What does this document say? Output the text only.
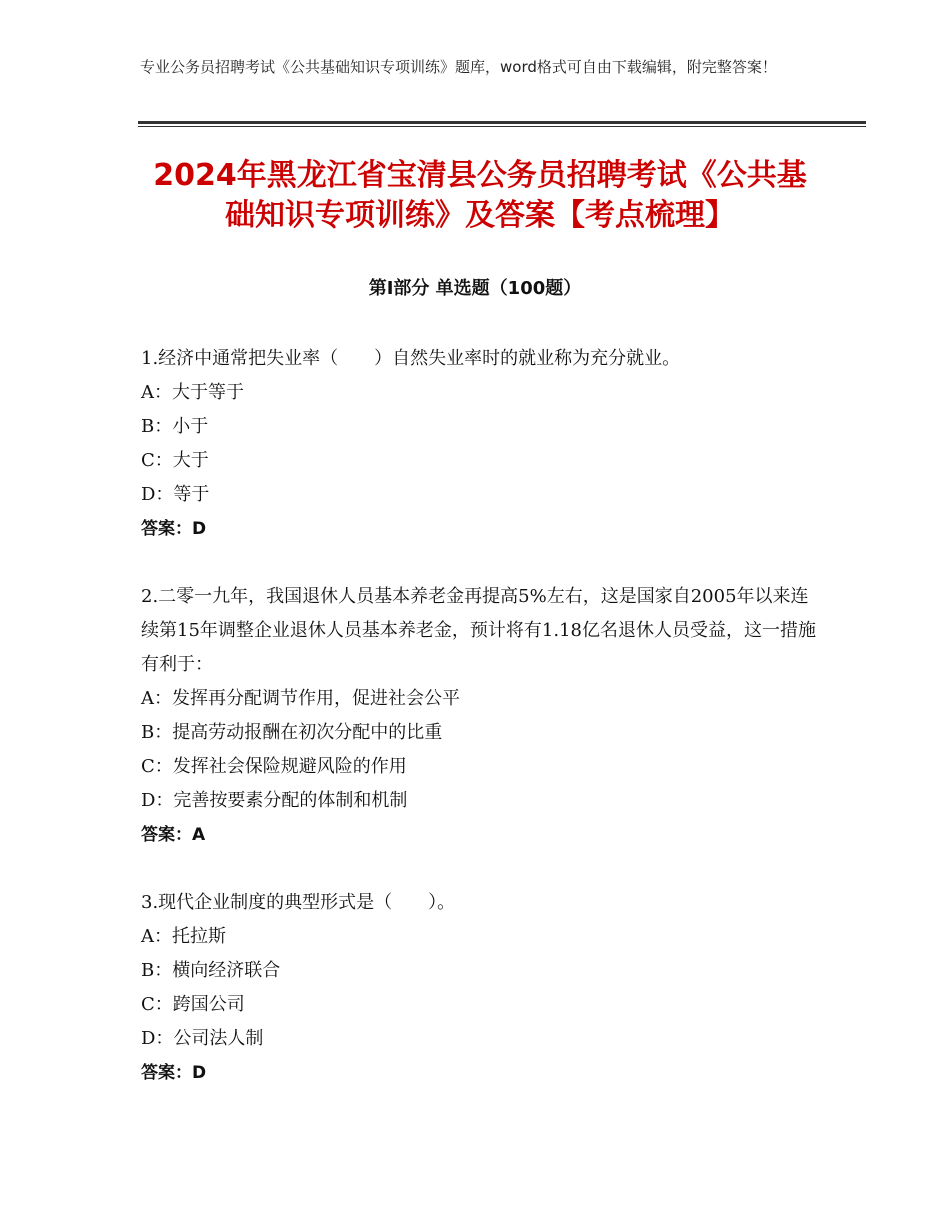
专业公务员招聘考试《公共基础知识专项训练》题库，word格式可自由下载编辑，附完整答案！
2024年黑龙江省宝清县公务员招聘考试《公共基础知识专项训练》及答案【考点梳理】
第I部分 单选题（100题）

1.经济中通常把失业率（　　）自然失业率时的就业称为充分就业。

A：大于等于

B：小于

C：大于

D：等于

答案：D

2.二零一九年，我国退休人员基本养老金再提高5%左右，这是国家自2005年以来连续第15年调整企业退休人员基本养老金，预计将有1.18亿名退休人员受益，这一措施有利于：

A：发挥再分配调节作用，促进社会公平

B：提高劳动报酬在初次分配中的比重

C：发挥社会保险规避风险的作用

D：完善按要素分配的体制和机制

答案：A

3.现代企业制度的典型形式是（　　）。

A：托拉斯

B：横向经济联合

C：跨国公司

D：公司法人制

答案：D
